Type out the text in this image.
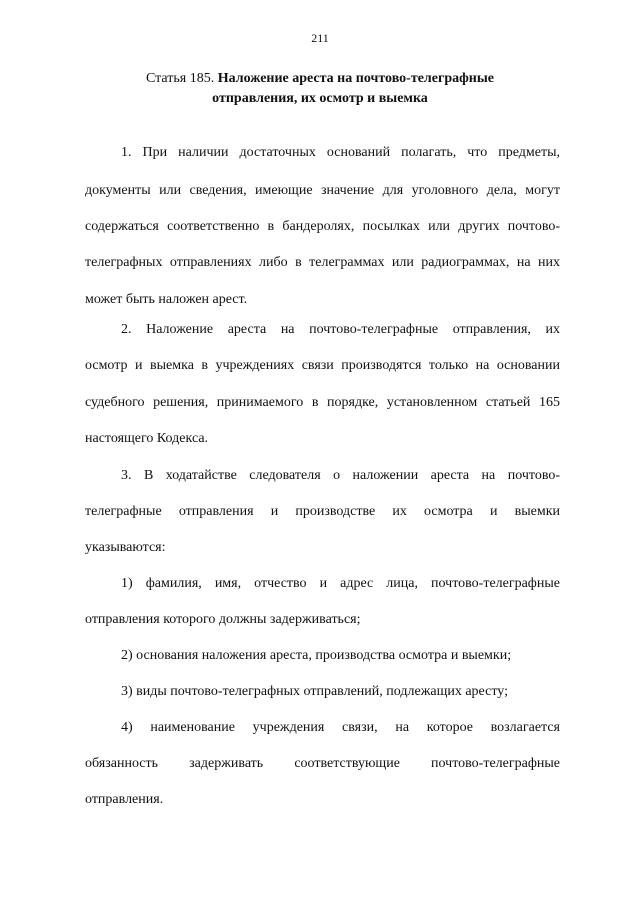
211
Статья 185. Наложение ареста на почтово-телеграфные
отправления, их осмотр и выемка
1. При наличии достаточных оснований полагать, что предметы,
документы или сведения, имеющие значение для уголовного дела, могут
содержаться соответственно в бандеролях, посылках или других почтово-
телеграфных отправлениях либо в телеграммах или радиограммах, на них
может быть наложен арест.
2. Наложение ареста на почтово-телеграфные отправления, их
осмотр и выемка в учреждениях связи производятся только на основании
судебного решения, принимаемого в порядке, установленном статьей 165
настоящего Кодекса.
3. В ходатайстве следователя о наложении ареста на почтово-
телеграфные отправления и производстве их осмотра и выемки
указываются:
1) фамилия, имя, отчество и адрес лица, почтово-телеграфные
отправления которого должны задерживаться;
2) основания наложения ареста, производства осмотра и выемки;
3) виды почтово-телеграфных отправлений, подлежащих аресту;
4) наименование учреждения связи, на которое возлагается
обязанность задерживать соответствующие почтово-телеграфные
отправления.
